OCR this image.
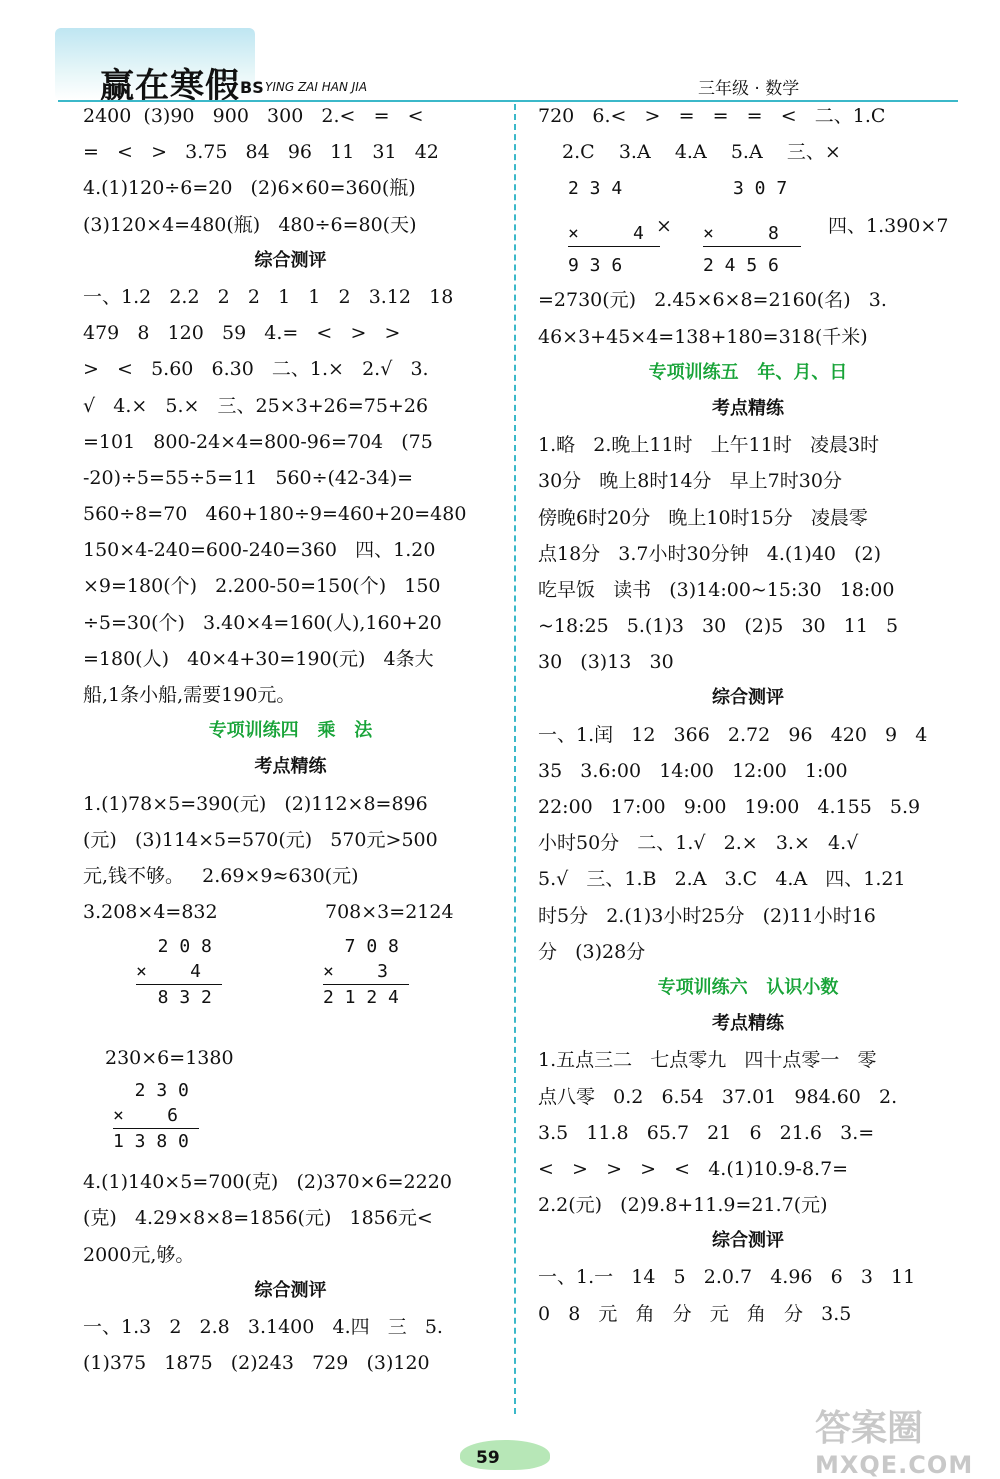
赢在寒假 BS YING ZAI HAN JIA	三年级 · 数学
2400  (3)90   900   300   2.<   =   <
=   <   >   3.75   84   96   11   31   42
4.(1)120÷6=20   (2)6×60=360(瓶)
(3)120×4=480(瓶)   480÷6=80(天)
综合测评
一、1.2   2.2   2   2   1   1   2   3.12   18
479   8   120   59   4.=   <   >   >
>   <   5.60   6.30   二、1.×   2.√   3.
√   4.×   5.×   三、25×3+26=75+26
=101   800-24×4=800-96=704   (75
-20)÷5=55÷5=11   560÷(42-34)=
560÷8=70   460+180÷9=460+20=480
150×4-240=600-240=360   四、1.20
×9=180(个)   2.200-50=150(个)   150
÷5=30(个)   3.40×4=160(人),160+20
=180(人)   40×4+30=190(元)   4条大
船,1条小船,需要190元。
专项训练四   乘   法
考点精练
1.(1)78×5=390(元)   (2)112×8=896
(元)   (3)114×5=570(元)   570元>500
元,钱不够。   2.69×9≈630(元)
3.208×4=832	708×3=2124
2 0 8
×    4
8 3 2
7 0 8
×    3
2 1 2 4
230×6=1380
2 3 0
×    6
1 3 8 0
4.(1)140×5=700(克)   (2)370×6=2220
(克)   4.29×8×8=1856(元)   1856元<
2000元,够。
综合测评
一、1.3   2   2.8   3.1400   4.四   三   5.
(1)375   1875   (2)243   729   (3)120
720   6.<   >   =   =   =   <   二、1.C
2.C    3.A    4.A    5.A    三、×
2 3 4
×     4
9 3 6
×
3 0 7
×     8
2 4 5 6
四、1.390×7
=2730(元)   2.45×6×8=2160(名)   3.
46×3+45×4=138+180=318(千米)
专项训练五   年、月、日
考点精练
1.略   2.晚上11时   上午11时   凌晨3时
30分   晚上8时14分   早上7时30分
傍晚6时20分   晚上10时15分   凌晨零
点18分   3.7小时30分钟   4.(1)40   (2)
吃早饭   读书   (3)14:00~15:30   18:00
~18:25   5.(1)3   30   (2)5   30   11   5
30   (3)13   30
综合测评
一、1.闰   12   366   2.72   96   420   9   4
35   3.6:00   14:00   12:00   1:00
22:00   17:00   9:00   19:00   4.155   5.9
小时50分   二、1.√   2.×   3.×   4.√
5.√   三、1.B   2.A   3.C   4.A   四、1.21
时5分   2.(1)3小时25分   (2)11小时16
分   (3)28分
专项训练六   认识小数
考点精练
1.五点三二   七点零九   四十点零一   零
点八零   0.2   6.54   37.01   984.60   2.
3.5   11.8   65.7   21   6   21.6   3.=
<   >   >   >   <   4.(1)10.9-8.7=
2.2(元)   (2)9.8+11.9=21.7(元)
综合测评
一、1.一   14   5   2.0.7   4.96   6   3   11
0   8   元   角   分   元   角   分   3.5
59
答案圈
MXQE.COM
